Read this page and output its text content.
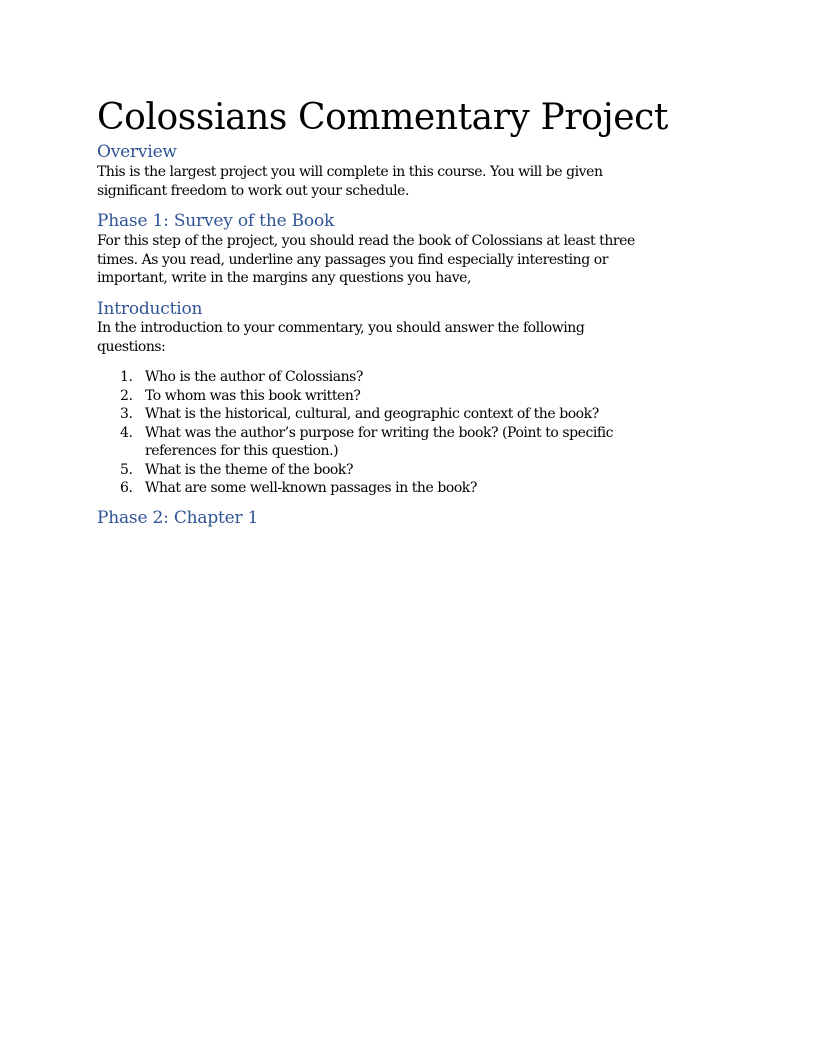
Colossians Commentary Project
Overview
This is the largest project you will complete in this course. You will be given
significant freedom to work out your schedule.
Phase 1: Survey of the Book
For this step of the project, you should read the book of Colossians at least three
times. As you read, underline any passages you find especially interesting or
important, write in the margins any questions you have,
Introduction
In the introduction to your commentary, you should answer the following
questions:
1. Who is the author of Colossians?
2. To whom was this book written?
3. What is the historical, cultural, and geographic context of the book?
4. What was the author’s purpose for writing the book? (Point to specific
references for this question.)
5. What is the theme of the book?
6. What are some well-known passages in the book?
Phase 2: Chapter 1
